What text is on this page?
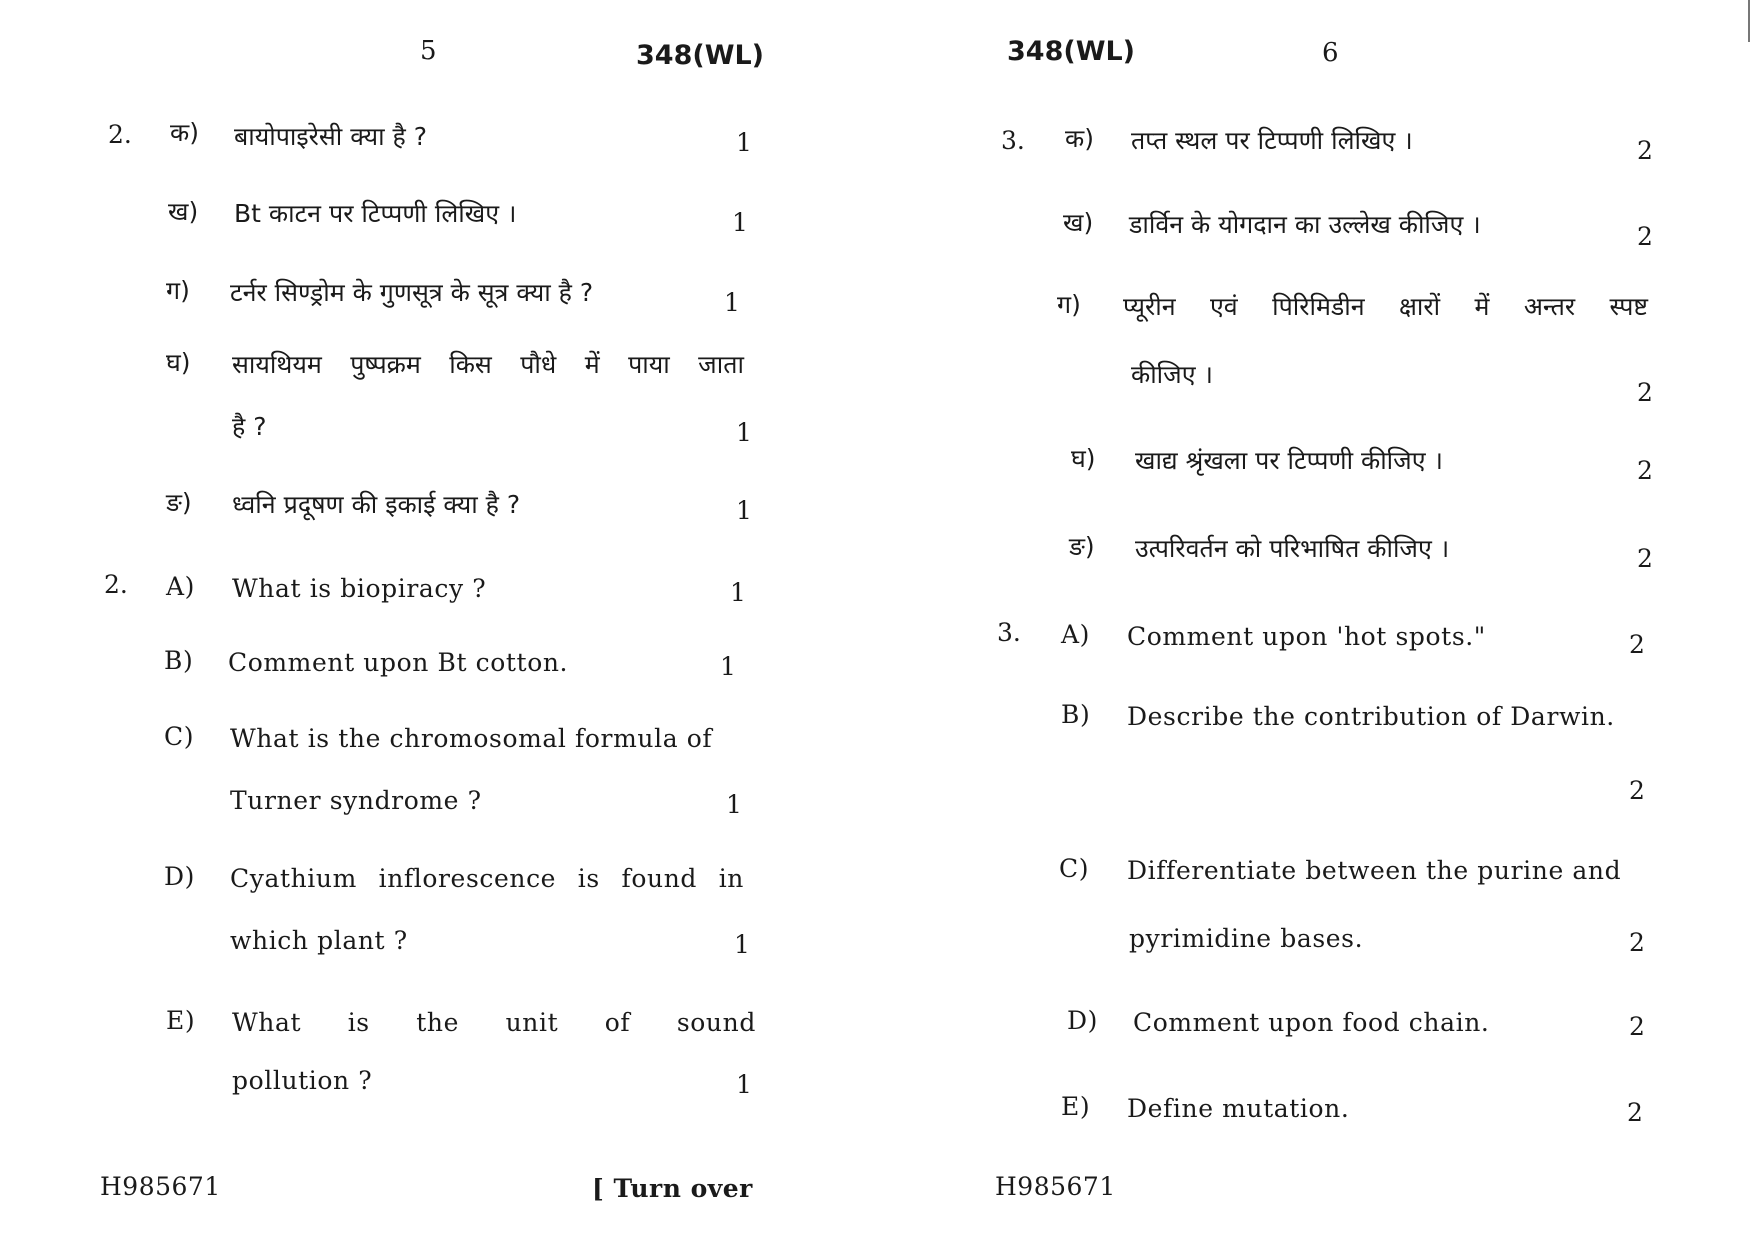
5	348(WL)
2. क) बायोपाइरेसी क्या है ?	1
ख) Bt काटन पर टिप्पणी लिखिए ।	1
ग) टर्नर सिण्ड्रोम के गुणसूत्र के सूत्र क्या है ?	1
घ) सायथियम पुष्पक्रम किस पौधे में पाया जाता
है ?	1
ङ) ध्वनि प्रदूषण की इकाई क्या है ?	1
2. A) What is biopiracy ?	1
B) Comment upon Bt cotton.	1
C) What is the chromosomal formula of
Turner syndrome ?	1
D) Cyathium inflorescence is found in
which plant ?	1
E) What is the unit of sound
pollution ?	1
H985671	[ Turn over
348(WL)	6
3. क) तप्त स्थल पर टिप्पणी लिखिए ।	2
ख) डार्विन के योगदान का उल्लेख कीजिए ।	2
ग) प्यूरीन एवं पिरिमिडीन क्षारों में अन्तर स्पष्ट
कीजिए ।
2
घ) खाद्य श्रृंखला पर टिप्पणी कीजिए ।	2
ङ) उत्परिवर्तन को परिभाषित कीजिए ।	2
3. A) Comment upon 'hot spots."	2
B) Describe the contribution of Darwin.
2
C) Differentiate between the purine and
pyrimidine bases.	2
D) Comment upon food chain.	2
E) Define mutation.	2
H985671
